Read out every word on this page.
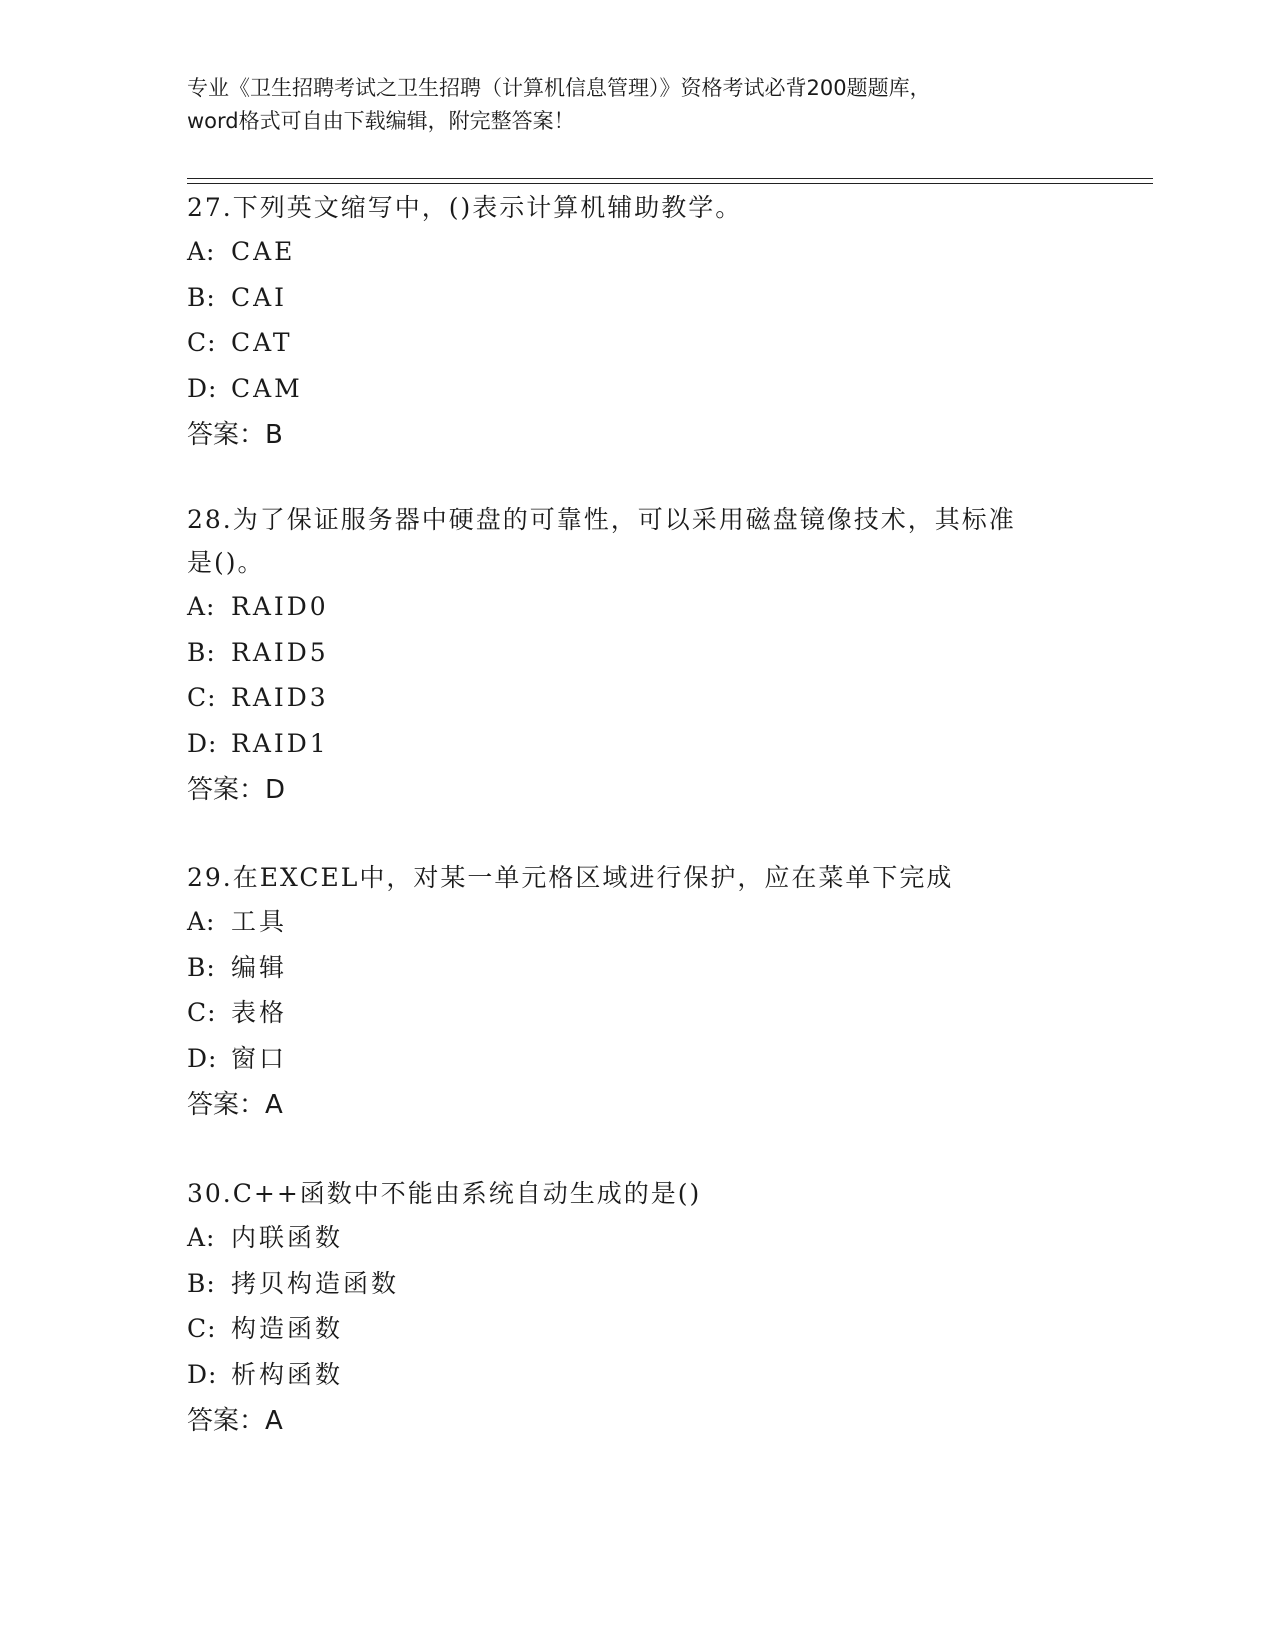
专业《卫生招聘考试之卫生招聘（计算机信息管理）》资格考试必背200题题库，
word格式可自由下载编辑，附完整答案！
27.下列英文缩写中，()表示计算机辅助教学。
A: CAE
B: CAI
C: CAT
D: CAM
答案：B
28.为了保证服务器中硬盘的可靠性，可以采用磁盘镜像技术，其标准
是()。
A: RAID0
B: RAID5
C: RAID3
D: RAID1
答案：D
29.在EXCEL中，对某一单元格区域进行保护，应在菜单下完成
A: 工具
B: 编辑
C: 表格
D: 窗口
答案：A
30.C++函数中不能由系统自动生成的是()
A: 内联函数
B: 拷贝构造函数
C: 构造函数
D: 析构函数
答案：A
